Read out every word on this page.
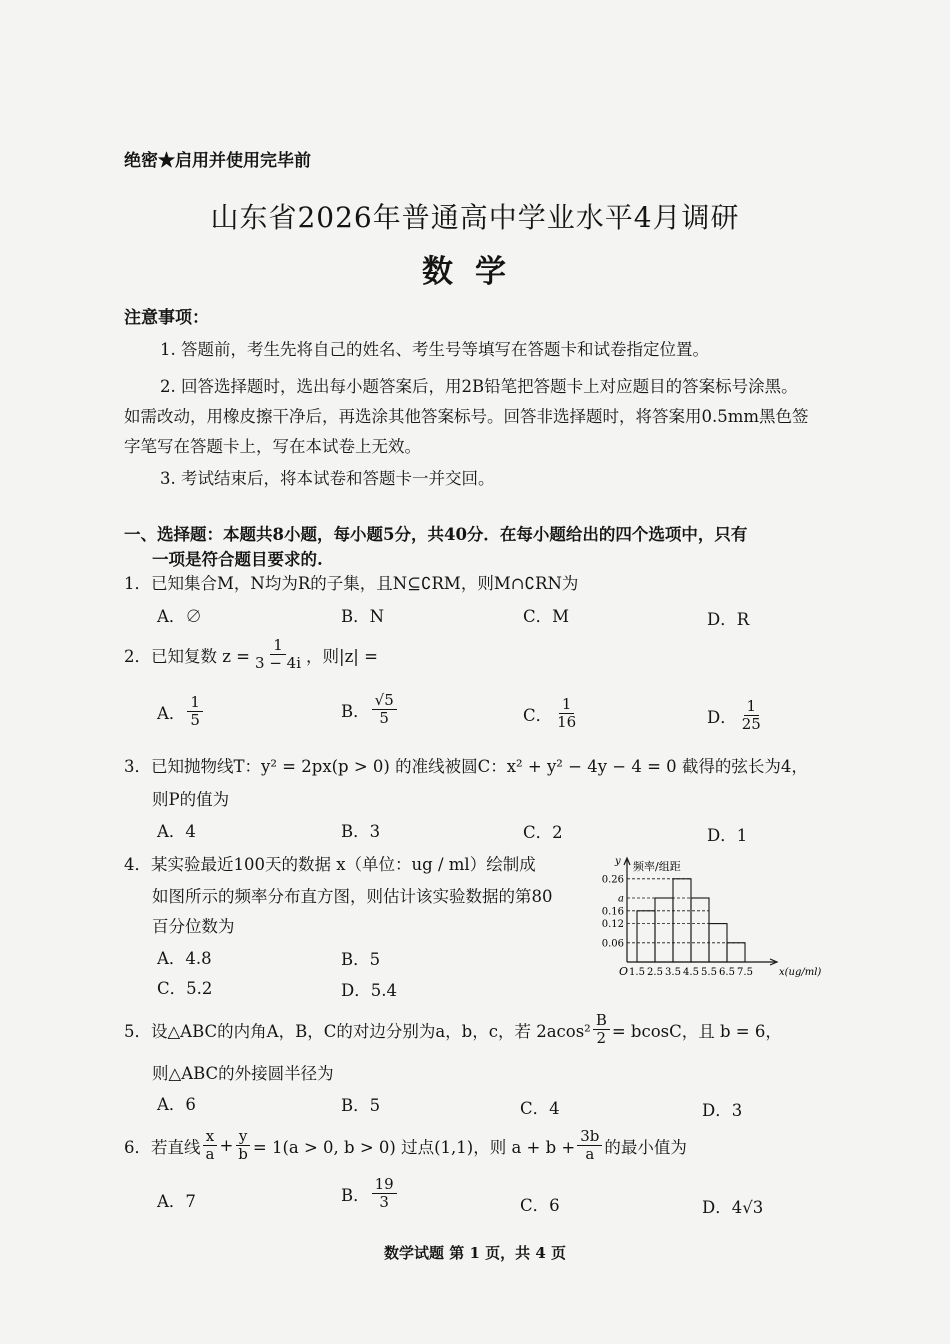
绝密★启用并使用完毕前
山东省2026年普通高中学业水平4月调研
数学
注意事项：
1. 答题前，考生先将自己的姓名、考生号等填写在答题卡和试卷指定位置。
2. 回答选择题时，选出每小题答案后，用2B铅笔把答题卡上对应题目的答案标号涂黑。
如需改动，用橡皮擦干净后，再选涂其他答案标号。回答非选择题时，将答案用0.5mm黑色签
字笔写在答题卡上，写在本试卷上无效。
3. 考试结束后，将本试卷和答题卡一并交回。
一、选择题：本题共8小题，每小题5分，共40分．在每小题给出的四个选项中，只有
一项是符合题目要求的.
1．已知集合M，N均为R的子集，且N⊆∁RM，则M∩∁RN为
A．∅	B．N	C．M	D．R
2．已知复数 $z = \frac{1}{3 - 4i}$ ，则|z| =
A． $\frac{1}{5}$	B． $\frac{√5}{5}$	C． $\frac{1}{16}$	D． $\frac{1}{25}$
3．已知抛物线T：y² = 2px(p > 0) 的准线被圆C：x² + y² − 4y − 4 = 0 截得的弦长为4，
则P的值为
A．4	B．3	C．2	D．1
4．某实验最近100天的数据 x（单位：ug / ml）绘制成
如图所示的频率分布直方图，则估计该实验数据的第80
百分位数为
A．4.8	B．5
C．5.2	D．5.4
0.26
a
0.16
0.12
0.06
1.5 2.5 3.5 4.5 5.5 6.5 7.5
O
y 频率/组距
x(ug/ml)
5．设△ABC的内角A，B，C的对边分别为a，b，c，若 $2acos^2 \frac{B}{2} = bcosC$，且 b = 6，
则△ABC的外接圆半径为
A．6	B．5	C．4	D．3
6．若直线 $\frac{x}{a} + \frac{y}{b} = 1(a > 0$, b > 0) 过点(1,1)，则 $a + b + \frac{3b}{a}$ 的最小值为
A．7	B． $\frac{19}{3}$	C．6	D．4√3
数学试题 第 1 页，共 4 页
